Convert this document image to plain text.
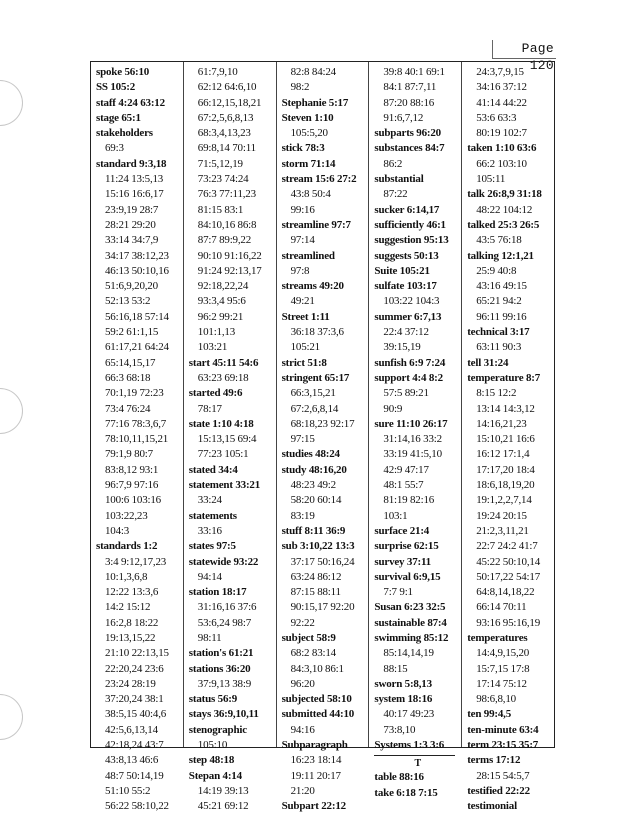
Page 120
spoke 56:10
SS 105:2
staff 4:24 63:12
stage 65:1
stakeholders
69:3
standard 9:3,18
11:24 13:5,13
15:16 16:6,17
23:9,19 28:7
28:21 29:20
33:14 34:7,9
34:17 38:12,23
46:13 50:10,16
51:6,9,20,20
52:13 53:2
56:16,18 57:14
59:2 61:1,15
61:17,21 64:24
65:14,15,17
66:3 68:18
70:1,19 72:23
73:4 76:24
77:16 78:3,6,7
78:10,11,15,21
79:1,9 80:7
83:8,12 93:1
96:7,9 97:16
100:6 103:16
103:22,23
104:3
standards 1:2
3:4 9:12,17,23
10:1,3,6,8
12:22 13:3,6
14:2 15:12
16:2,8 18:22
19:13,15,22
21:10 22:13,15
22:20,24 23:6
23:24 28:19
37:20,24 38:1
38:5,15 40:4,6
42:5,6,13,14
42:18,24 43:7
43:8,13 46:6
48:7 50:14,19
51:10 55:2
56:22 58:10,22
61:7,9,10
62:12 64:6,10
66:12,15,18,21
67:2,5,6,8,13
68:3,4,13,23
69:8,14 70:11
71:5,12,19
73:23 74:24
76:3 77:11,23
81:15 83:1
84:10,16 86:8
87:7 89:9,22
90:10 91:16,22
91:24 92:13,17
92:18,22,24
93:3,4 95:6
96:2 99:21
101:1,13
103:21
start 45:11 54:6
63:23 69:18
started 49:6
78:17
state 1:10 4:18
15:13,15 69:4
77:23 105:1
stated 34:4
statement 33:21
33:24
statements
33:16
states 97:5
statewide 93:22
94:14
station 18:17
31:16,16 37:6
53:6,24 98:7
98:11
station's 61:21
stations 36:20
37:9,13 38:9
status 56:9
stays 36:9,10,11
stenographic
105:10
step 48:18
Stepan 4:14
14:19 39:13
45:21 69:12
82:8 84:24
98:2
Stephanie 5:17
Steven 1:10
105:5,20
stick 78:3
storm 71:14
stream 15:6 27:2
43:8 50:4
99:16
streamline 97:7
97:14
streamlined
97:8
streams 49:20
49:21
Street 1:11
36:18 37:3,6
105:21
strict 51:8
stringent 65:17
66:3,15,21
67:2,6,8,14
68:18,23 92:17
97:15
studies 48:24
study 48:16,20
48:23 49:2
58:20 60:14
83:19
stuff 8:11 36:9
sub 3:10,22 13:3
37:17 50:16,24
63:24 86:12
87:15 88:11
90:15,17 92:20
92:22
subject 58:9
68:2 83:14
84:3,10 86:1
96:20
subjected 58:10
submitted 44:10
94:16
Subparagraph
16:23 18:14
19:11 20:17
21:20
Subpart 22:12
39:8 40:1 69:1
84:1 87:7,11
87:20 88:16
91:6,7,12
subparts 96:20
substances 84:7
86:2
substantial
87:22
sucker 6:14,17
sufficiently 46:1
suggestion 95:13
suggests 50:13
Suite 105:21
sulfate 103:17
103:22 104:3
summer 6:7,13
22:4 37:12
39:15,19
sunfish 6:9 7:24
support 4:4 8:2
57:5 89:21
90:9
sure 11:10 26:17
31:14,16 33:2
33:19 41:5,10
42:9 47:17
48:1 55:7
81:19 82:16
103:1
surface 21:4
surprise 62:15
survey 37:11
survival 6:9,15
7:7 9:1
Susan 6:23 32:5
sustainable 87:4
swimming 85:12
85:14,14,19
88:15
sworn 5:8,13
system 18:16
40:17 49:23
73:8,10
Systems 1:3 3:6
T
table 88:16
take 6:18 7:15
24:3,7,9,15
34:16 37:12
41:14 44:22
53:6 63:3
80:19 102:7
taken 1:10 63:6
66:2 103:10
105:11
talk 26:8,9 31:18
48:22 104:12
talked 25:3 26:5
43:5 76:18
talking 12:1,21
25:9 40:8
43:16 49:15
65:21 94:2
96:11 99:16
technical 3:17
63:11 90:3
tell 31:24
temperature 8:7
8:15 12:2
13:14 14:3,12
14:16,21,23
15:10,21 16:6
16:12 17:1,4
17:17,20 18:4
18:6,18,19,20
19:1,2,2,7,14
19:24 20:15
21:2,3,11,21
22:7 24:2 41:7
45:22 50:10,14
50:17,22 54:17
64:8,14,18,22
66:14 70:11
93:16 95:16,19
temperatures
14:4,9,15,20
15:7,15 17:8
17:14 75:12
98:6,8,10
ten 99:4,5
ten-minute 63:4
term 23:15 35:7
terms 17:12
28:15 54:5,7
testified 22:22
testimonial
